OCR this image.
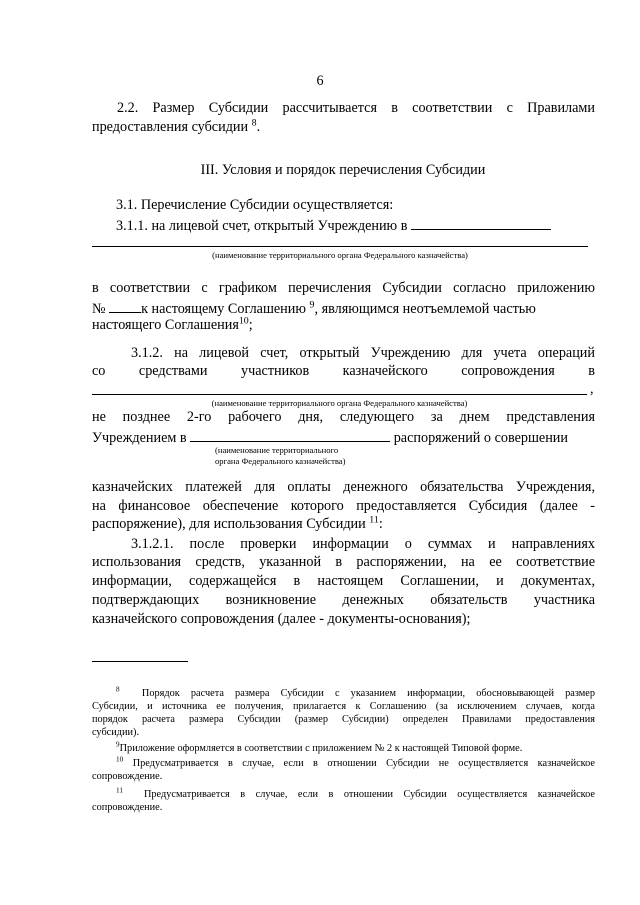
6
2.2. Размер Субсидии рассчитывается в соответствии с Правилами
предоставления субсидии $^8$.
III. Условия и порядок перечисления Субсидии
3.1. Перечисление Субсидии осуществляется:
3.1.1. на лицевой счет, открытый Учреждению в
(наименование территориального органа Федерального казначейства)
в соответствии с графиком перечисления Субсидии согласно приложению
№	к настоящему Соглашению $^9$, являющимся неотъемлемой частью
настоящего Соглашения$^{10}$;
3.1.2. на лицевой счет, открытый Учреждению для учета операций
со средствами участников казначейского сопровождения в
,
(наименование территориального органа Федерального казначейства)
не позднее 2-го рабочего дня, следующего за днем представления
Учреждением в	распоряжений о совершении
(наименование территориального
органа Федерального казначейства)
казначейских платежей для оплаты денежного обязательства Учреждения,
на финансовое обеспечение которого предоставляется Субсидия (далее -
распоряжение), для использования Субсидии $^{11}$:
3.1.2.1. после проверки информации о суммах и направлениях
использования средств, указанной в распоряжении, на ее соответствие
информации, содержащейся в настоящем Соглашении, и документах,
подтверждающих возникновение денежных обязательств участника
казначейского сопровождения (далее - документы-основания);
$^8$ Порядок расчета размера Субсидии с указанием информации, обосновывающей размер
Субсидии, и источника ее получения, прилагается к Соглашению (за исключением случаев, когда
порядок расчета размера Субсидии (размер Субсидии) определен Правилами предоставления
субсидии).
$^9$Приложение оформляется в соответствии с приложением № 2 к настоящей Типовой форме.
$^{10}$ Предусматривается в случае, если в отношении Субсидии не осуществляется казначейское
сопровождение.
$^{11}$ Предусматривается в случае, если в отношении Субсидии осуществляется казначейское
сопровождение.
